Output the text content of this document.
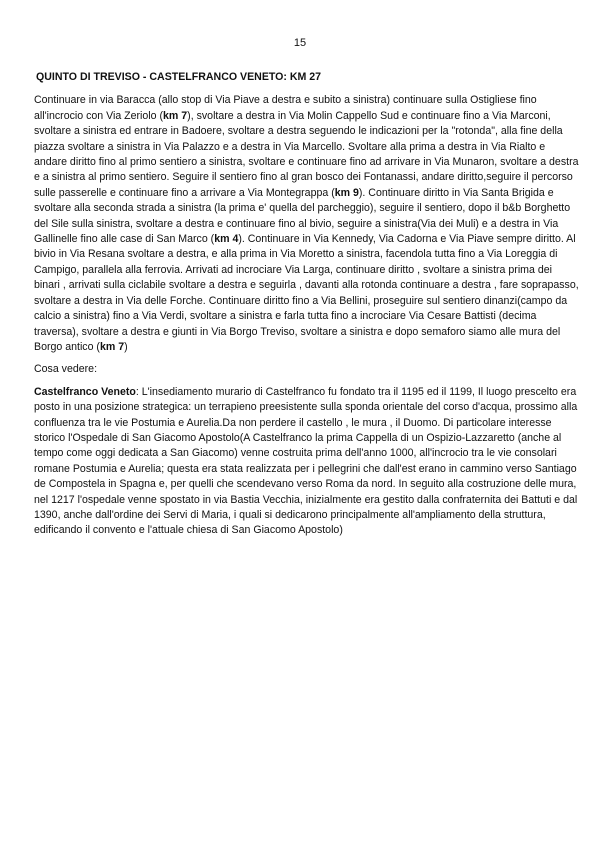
15
QUINTO DI TREVISO - CASTELFRANCO VENETO: KM 27

Continuare in via Baracca (allo stop di Via Piave a destra e subito a sinistra) continuare sulla Ostigliese fino all'incrocio con Via Zeriolo (km 7), svoltare a destra in Via Molin Cappello Sud e continuare fino a Via Marconi, svoltare a sinistra ed entrare in Badoere, svoltare a destra seguendo le indicazioni per la "rotonda", alla fine della piazza svoltare a sinistra in Via Palazzo e a destra in Via Marcello. Svoltare alla prima a destra in Via Rialto e andare diritto fino al primo sentiero a sinistra, svoltare e continuare fino ad arrivare in Via Munaron, svoltare a destra e a sinistra al primo sentiero. Seguire il sentiero fino al gran bosco dei Fontanassi, andare diritto,seguire il percorso sulle passerelle e continuare fino a arrivare a Via Montegrappa (km 9). Continuare diritto in Via Santa Brigida e svoltare alla seconda strada a sinistra (la prima e' quella del parcheggio), seguire il sentiero, dopo il b&b Borghetto del Sile sulla sinistra, svoltare a destra e continuare fino al bivio, seguire a sinistra(Via dei Muli) e a destra in Via Gallinelle fino alle case di San Marco (km 4). Continuare in Via Kennedy, Via Cadorna e Via Piave sempre diritto. Al bivio in Via Resana svoltare a destra, e alla prima in Via Moretto a sinistra, facendola tutta fino a Via Loreggia di Campigo, parallela alla ferrovia. Arrivati ad incrociare Via Larga, continuare diritto , svoltare a sinistra prima dei binari , arrivati sulla ciclabile svoltare a destra e seguirla , davanti alla rotonda continuare a destra , fare soprapasso, svoltare a destra in Via delle Forche. Continuare diritto fino a Via Bellini, proseguire sul sentiero dinanzi(campo da calcio a sinistra) fino a Via Verdi, svoltare a sinistra e farla tutta fino a incrociare Via Cesare Battisti (decima traversa), svoltare a destra e giunti in Via Borgo Treviso, svoltare a sinistra e dopo semaforo siamo alle mura del Borgo antico (km 7)

Cosa vedere:

Castelfranco Veneto: L'insediamento murario di Castelfranco fu fondato tra il 1195 ed il 1199, Il luogo prescelto era posto in una posizione strategica: un terrapieno preesistente sulla sponda orientale del corso d'acqua, prossimo alla confluenza tra le vie Postumia e Aurelia.Da non perdere il castello , le mura , il Duomo. Di particolare interesse storico l'Ospedale di San Giacomo Apostolo(A Castelfranco la prima Cappella di un Ospizio-Lazzaretto (anche al tempo come oggi dedicata a San Giacomo) venne costruita prima dell'anno 1000, all'incrocio tra le vie consolari romane Postumia e Aurelia; questa era stata realizzata per i pellegrini che dall'est erano in cammino verso Santiago de Compostela in Spagna e, per quelli che scendevano verso Roma da nord. In seguito alla costruzione delle mura, nel 1217 l'ospedale venne spostato in via Bastia Vecchia, inizialmente era gestito dalla confraternita dei Battuti e dal 1390, anche dall'ordine dei Servi di Maria, i quali si dedicarono principalmente all'ampliamento della struttura, edificando il convento e l'attuale chiesa di San Giacomo Apostolo)
